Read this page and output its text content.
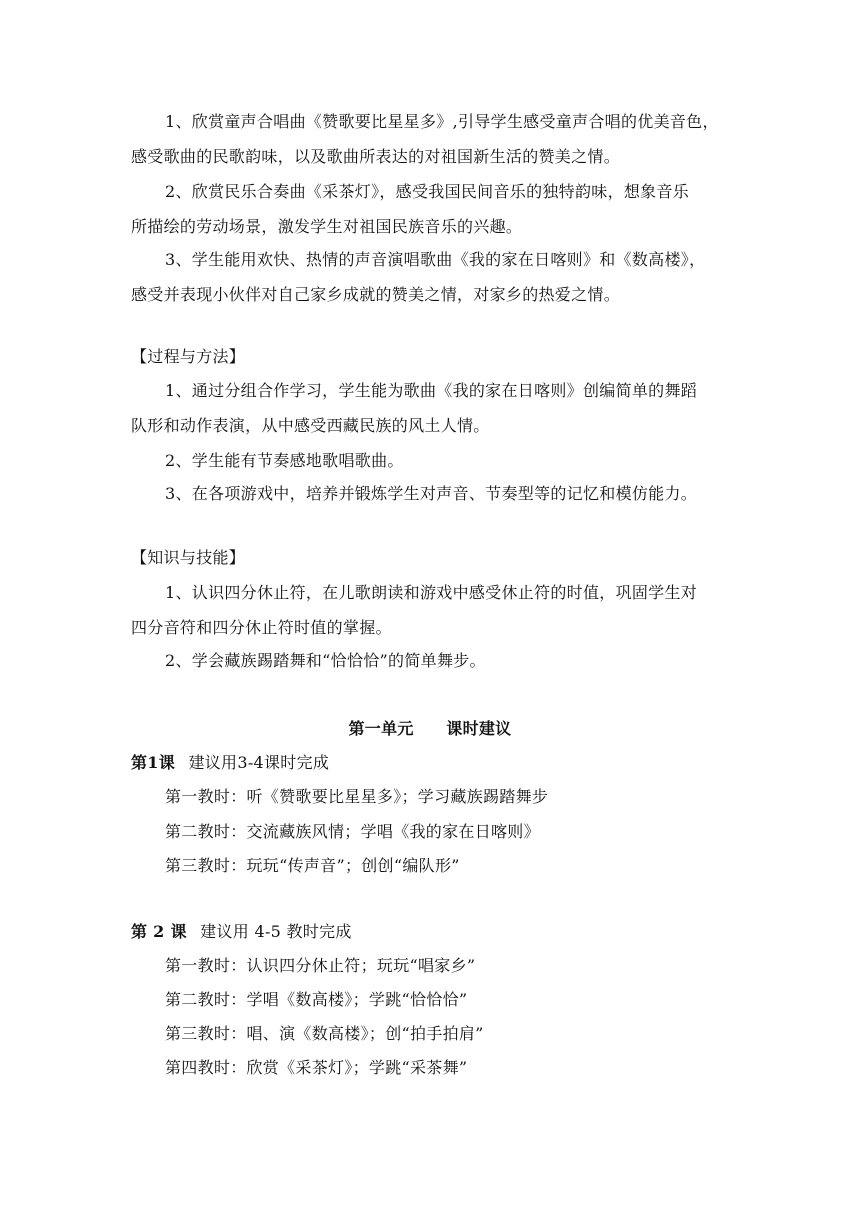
1、欣赏童声合唱曲《赞歌要比星星多》,引导学生感受童声合唱的优美音色，
感受歌曲的民歌韵味，以及歌曲所表达的对祖国新生活的赞美之情。
2、欣赏民乐合奏曲《采茶灯》，感受我国民间音乐的独特韵味，想象音乐
所描绘的劳动场景，激发学生对祖国民族音乐的兴趣。
3、学生能用欢快、热情的声音演唱歌曲《我的家在日喀则》和《数高楼》，
感受并表现小伙伴对自己家乡成就的赞美之情，对家乡的热爱之情。
【过程与方法】
1、通过分组合作学习，学生能为歌曲《我的家在日喀则》创编简单的舞蹈
队形和动作表演，从中感受西藏民族的风土人情。
2、学生能有节奏感地歌唱歌曲。
3、在各项游戏中，培养并锻炼学生对声音、节奏型等的记忆和模仿能力。
【知识与技能】
1、认识四分休止符，在儿歌朗读和游戏中感受休止符的时值，巩固学生对
四分音符和四分休止符时值的掌握。
2、学会藏族踢踏舞和“恰恰恰”的简单舞步。
第一单元　　课时建议
第1课 建议用3-4课时完成
第一教时：听《赞歌要比星星多》；学习藏族踢踏舞步
第二教时：交流藏族风情；学唱《我的家在日喀则》
第三教时：玩玩“传声音”；创创“编队形”
第 2 课 建议用 4-5 教时完成
第一教时：认识四分休止符；玩玩“唱家乡”
第二教时：学唱《数高楼》；学跳“恰恰恰”
第三教时：唱、演《数高楼》；创“拍手拍肩”
第四教时：欣赏《采茶灯》；学跳“采茶舞”
